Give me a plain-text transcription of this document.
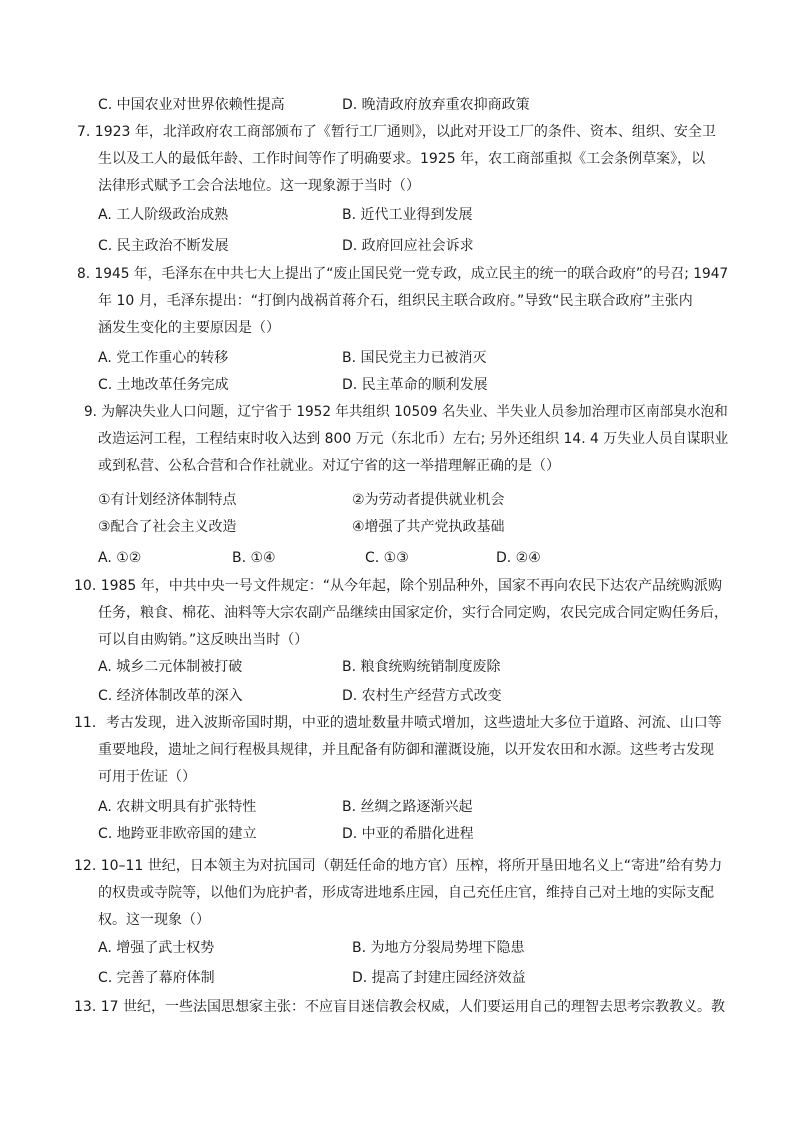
C. 中国农业对世界依赖性提高	D. 晚清政府放弃重农抑商政策
7. 1923 年，北洋政府农工商部颁布了《暂行工厂通则》，以此对开设工厂的条件、资本、组织、安全卫
生以及工人的最低年龄、工作时间等作了明确要求。1925 年，农工商部重拟《工会条例草案》，以
法律形式赋予工会合法地位。这一现象源于当时（）
A. 工人阶级政治成熟	B. 近代工业得到发展
C. 民主政治不断发展	D. 政府回应社会诉求
8. 1945 年，毛泽东在中共七大上提出了“废止国民党一党专政，成立民主的统一的联合政府”的号召; 1947
年 10 月，毛泽东提出：“打倒内战祸首蒋介石，组织民主联合政府。”导致“民主联合政府”主张内
涵发生变化的主要原因是（）
A. 党工作重心的转移	B. 国民党主力已被消灭
C. 土地改革任务完成	D. 民主革命的顺利发展
9. 为解决失业人口问题，辽宁省于 1952 年共组织 10509 名失业、半失业人员参加治理市区南部臭水泡和
改造运河工程，工程结束时收入达到 800 万元（东北币）左右; 另外还组织 14. 4 万失业人员自谋职业
或到私营、公私合营和合作社就业。对辽宁省的这一举措理解正确的是（）
①有计划经济体制特点	②为劳动者提供就业机会
③配合了社会主义改造	④增强了共产党执政基础
A. ①②	B. ①④	C. ①③	D. ②④
10. 1985 年，中共中央一号文件规定：“从今年起，除个别品种外，国家不再向农民下达农产品统购派购
任务，粮食、棉花、油料等大宗农副产品继续由国家定价，实行合同定购，农民完成合同定购任务后，
可以自由购销。”这反映出当时（）
A. 城乡二元体制被打破	B. 粮食统购统销制度废除
C. 经济体制改革的深入	D. 农村生产经营方式改变
11．考古发现，进入波斯帝国时期，中亚的遗址数量井喷式增加，这些遗址大多位于道路、河流、山口等
重要地段，遗址之间行程极具规律，并且配备有防御和灌溉设施，以开发农田和水源。这些考古发现
可用于佐证（）
A. 农耕文明具有扩张特性	B. 丝绸之路逐渐兴起
C. 地跨亚非欧帝国的建立	D. 中亚的希腊化进程
12. 10–11 世纪，日本领主为对抗国司（朝廷任命的地方官）压榨，将所开垦田地名义上“寄进”给有势力
的权贵或寺院等，以他们为庇护者，形成寄进地系庄园，自己充任庄官，维持自己对土地的实际支配
权。这一现象（）
A. 增强了武士权势	B. 为地方分裂局势埋下隐患
C. 完善了幕府体制	D. 提高了封建庄园经济效益
13. 17 世纪，一些法国思想家主张：不应盲目迷信教会权威，人们要运用自己的理智去思考宗教教义。教
